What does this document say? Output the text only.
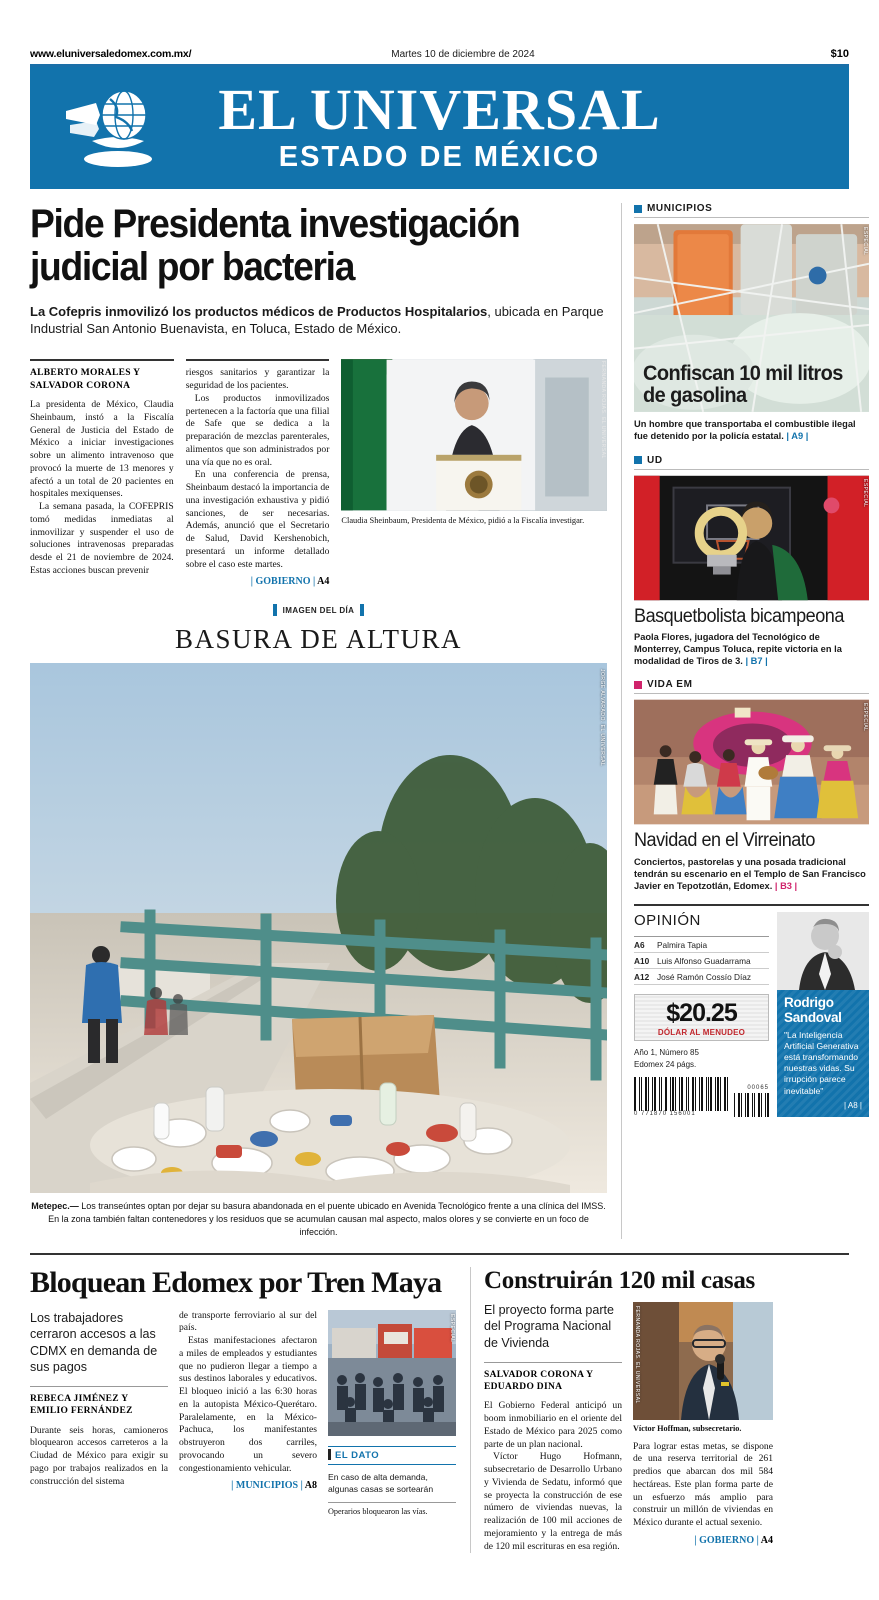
www.eluniversaledomex.com.mx/	Martes 10 de diciembre de 2024	$10
EL UNIVERSAL
ESTADO DE MÉXICO
Pide Presidenta investigación judicial por bacteria
La Cofepris inmovilizó los productos médicos de Productos Hospitalarios, ubicada en Parque Industrial San Antonio Buenavista, en Toluca, Estado de México.
ALBERTO MORALES Y SALVADOR CORONA

La presidenta de México, Claudia Sheinbaum, instó a la Fiscalía General de Justicia del Estado de México a iniciar investigaciones sobre un alimento intravenoso que provocó la muerte de 13 menores y afectó a un total de 20 pacientes en hospitales mexiquenses.

La semana pasada, la COFEPRIS tomó medidas inmediatas al inmovilizar y suspender el uso de soluciones intravenosas preparadas desde el 21 de noviembre de 2024. Estas acciones buscan prevenir

riesgos sanitarios y garantizar la seguridad de los pacientes.

Los productos inmovilizados pertenecen a la factoría que una filial de Safe que se dedica a la preparación de mezclas parenterales, alimentos que son administrados por una vía que no es oral.

En una conferencia de prensa, Sheinbaum destacó la importancia de una investigación exhaustiva y pidió sanciones, de ser necesarias. Además, anunció que el Secretario de Salud, David Kershenobich, presentará un informe detallado sobre el caso este martes.

| GOBIERNO | A4
FERNANDA ROJAS. EL UNIVERSAL
Claudia Sheinbaum, Presidenta de México, pidió a la Fiscalía investigar.
IMAGEN DEL DÍA
BASURA DE ALTURA
JORGE ALVARADO. EL UNIVERSAL
Metepec.— Los transeúntes optan por dejar su basura abandonada en el puente ubicado en Avenida Tecnológico frente a una clínica del IMSS. En la zona también faltan contenedores y los residuos que se acumulan causan mal aspecto, malos olores y se convierte en un foco de infección.
MUNICIPIOS
ESPECIAL
Confiscan 10 mil litros de gasolina
Un hombre que transportaba el combustible ilegal fue detenido por la policía estatal. | A9 |
UD
ESPECIAL
Basquetbolista bicampeona
Paola Flores, jugadora del Tecnológico de Monterrey, Campus Toluca, repite victoria en la modalidad de Tiros de 3. | B7 |
VIDA EM
ESPECIAL
Navidad en el Virreinato
Conciertos, pastorelas y una posada tradicional tendrán su escenario en el Templo de San Francisco Javier en Tepotzotlán, Edomex. | B3 |
OPINIÓN
A6	Palmira Tapia
A10 Luis Alfonso Guadarrama
A12 José Ramón Cossío Díaz
$20.25
DÓLAR AL MENUDEO
Año 1, Número 85
Edomex 24 págs.
0 771870 156001
00065
Rodrigo Sandoval
"La Inteligencia Artificial Generativa está transformando nuestras vidas. Su irrupción parece inevitable"
| A8 |
Bloquean Edomex por Tren Maya
Los trabajadores cerraron accesos a las CDMX en demanda de sus pagos
REBECA JIMÉNEZ Y EMILIO FERNÁNDEZ

Durante seis horas, camioneros bloquearon accesos carreteros a la Ciudad de México para exigir su pago por trabajos realizados en la construcción del sistema

de transporte ferroviario al sur del país.

Estas manifestaciones afectaron a miles de empleados y estudiantes que no pudieron llegar a tiempo a sus destinos laborales y educativos. El bloqueo inició a las 6:30 horas en la autopista México-Querétaro. Paralelamente, en la México-Pachuca, los manifestantes obstruyeron dos carriles, provocando un severo congestionamiento vehicular.

| MUNICIPIOS | A8
ESPECIAL
EL DATO
En caso de alta demanda, algunas casas se sortearán
Operarios bloquearon las vías.
Construirán 120 mil casas
El proyecto forma parte del Programa Nacional de Vivienda
SALVADOR CORONA Y EDUARDO DINA

El Gobierno Federal anticipó un boom inmobiliario en el oriente del Estado de México para 2025 como parte de un plan nacional.

Víctor Hugo Hofmann, subsecretario de Desarrollo Urbano y Vivienda de Sedatu, informó que se proyecta la construcción de ese número de viviendas nuevas, la realización de 100 mil acciones de mejoramiento y la entrega de más de 120 mil escrituras en esa región.

FERNANDA ROJAS. EL UNIVERSAL
Víctor Hoffman, subsecretario.

Para lograr estas metas, se dispone de una reserva territorial de 261 predios que abarcan dos mil 584 hectáreas. Este plan forma parte de un esfuerzo más amplio para construir un millón de viviendas en México durante el actual sexenio.

| GOBIERNO | A4
